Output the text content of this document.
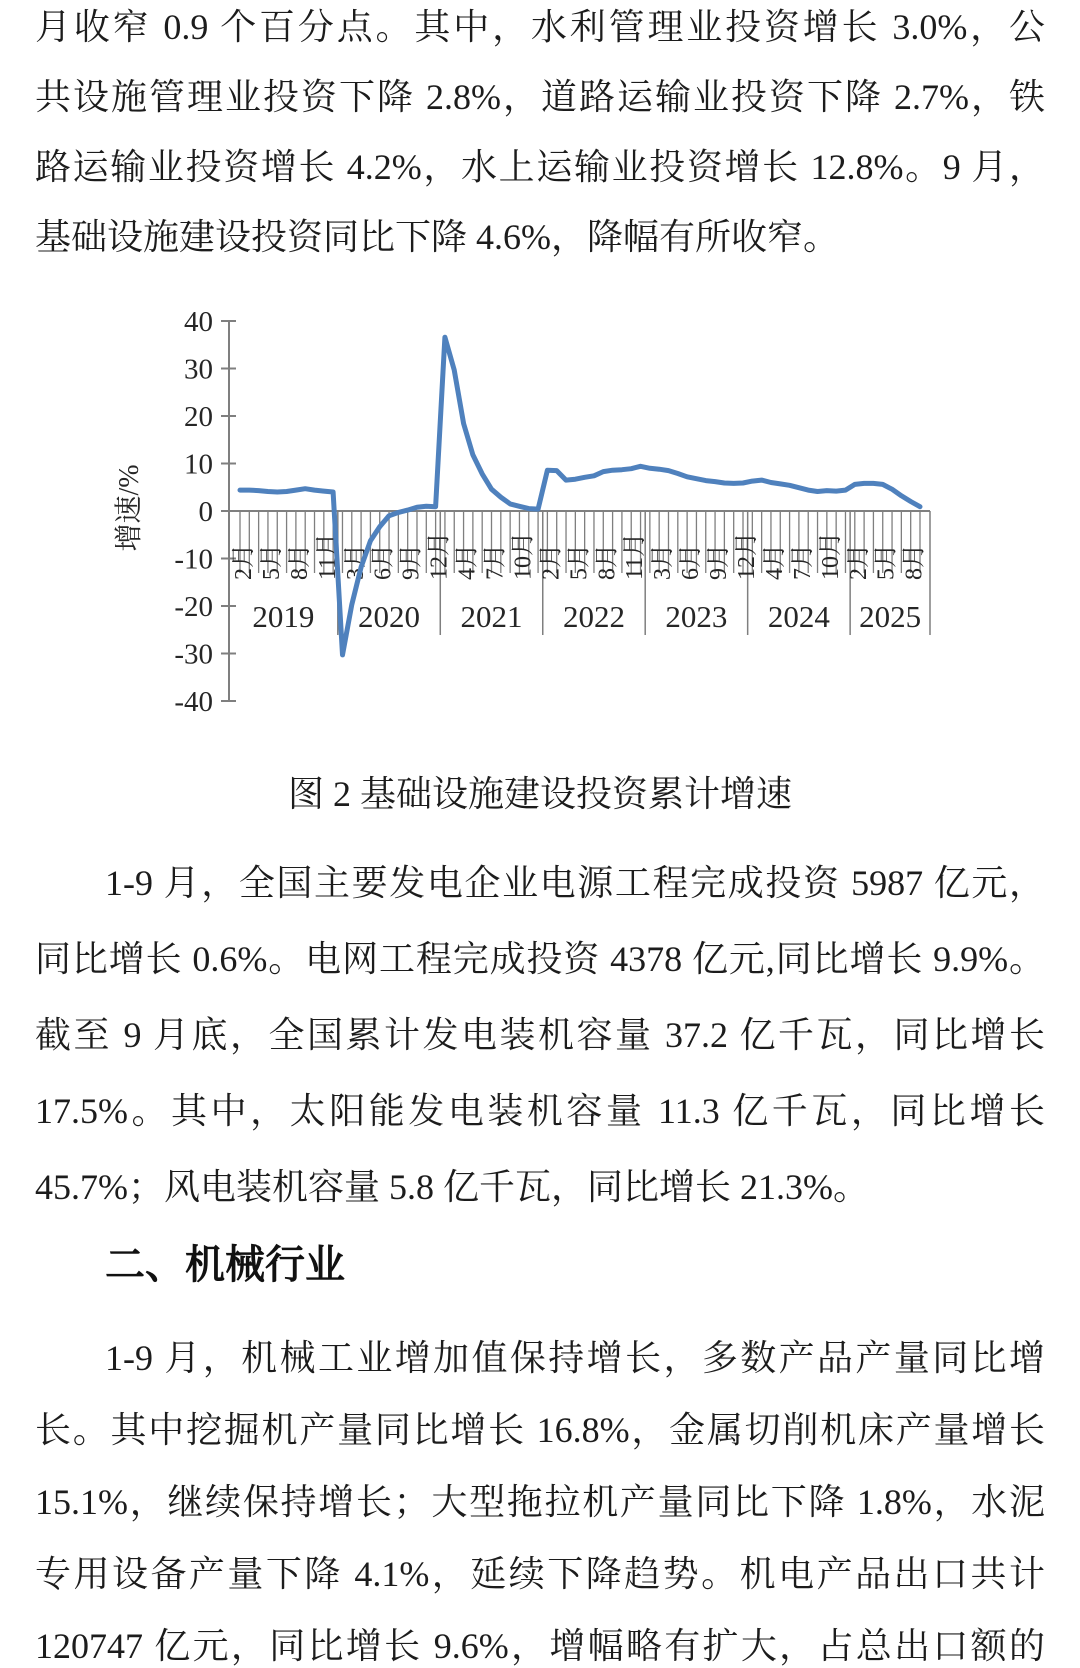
月收窄 0.9 个百分点。其中，水利管理业投资增长 3.0%，公
共设施管理业投资下降 2.8%，道路运输业投资下降 2.7%，铁
路运输业投资增长 4.2%，水上运输业投资增长 12.8%。9 月，
基础设施建设投资同比下降 4.6%，降幅有所收窄。
40
30
20
10
0
-10
-20
-30
-40
2月 5月 8月 11月 3月 6月 9月 12月 4月 7月 10月 2月 5月 8月 11月 3月 6月 9月 12月 4月 7月 10月 2月 5月 8月
2019 2020 2021 2022 2023 2024 2025
增速/%
图 2 基础设施建设投资累计增速
1-9 月，全国主要发电企业电源工程完成投资 5987 亿元，
同比增长 0.6%。电网工程完成投资 4378 亿元,同比增长 9.9%。
截至 9 月底，全国累计发电装机容量 37.2 亿千瓦，同比增长
17.5%。其中，太阳能发电装机容量 11.3 亿千瓦，同比增长
45.7%；风电装机容量 5.8 亿千瓦，同比增长 21.3%。
二、机械行业
1-9 月，机械工业增加值保持增长，多数产品产量同比增
长。其中挖掘机产量同比增长 16.8%，金属切削机床产量增长
15.1%，继续保持增长；大型拖拉机产量同比下降 1.8%，水泥
专用设备产量下降 4.1%，延续下降趋势。机电产品出口共计
120747 亿元，同比增长 9.6%，增幅略有扩大，占总出口额的
